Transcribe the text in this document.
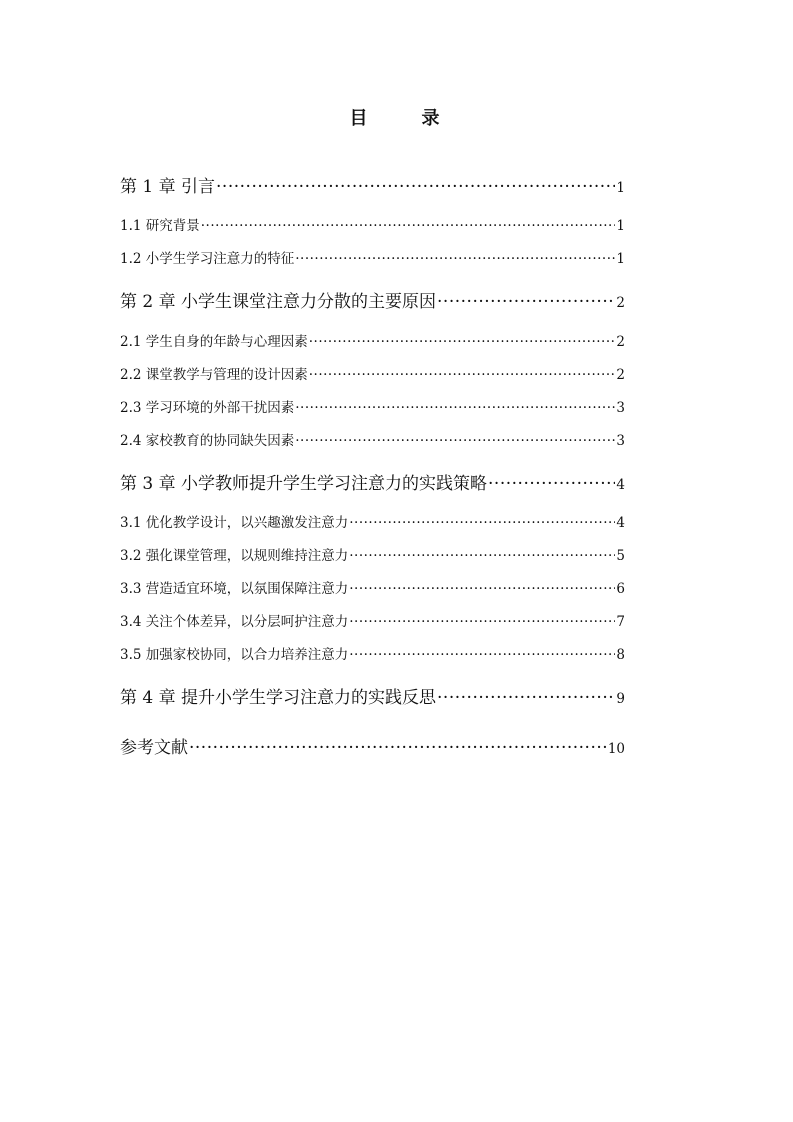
目　录
第 1 章 引言 ·····	1
1.1 研究背景 ·····	1
1.2 小学生学习注意力的特征 ·····	1
第 2 章 小学生课堂注意力分散的主要原因 ·····	2
2.1 学生自身的年龄与心理因素 ·····	2
2.2 课堂教学与管理的设计因素 ·····	2
2.3 学习环境的外部干扰因素 ·····	3
2.4 家校教育的协同缺失因素 ·····	3
第 3 章 小学教师提升学生学习注意力的实践策略 ·····	4
3.1 优化教学设计，以兴趣激发注意力 ·····	4
3.2 强化课堂管理，以规则维持注意力 ·····	5
3.3 营造适宜环境，以氛围保障注意力 ·····	6
3.4 关注个体差异，以分层呵护注意力 ·····	7
3.5 加强家校协同，以合力培养注意力 ·····	8
第 4 章 提升小学生学习注意力的实践反思 ·····	9
参考文献 ·····	10
